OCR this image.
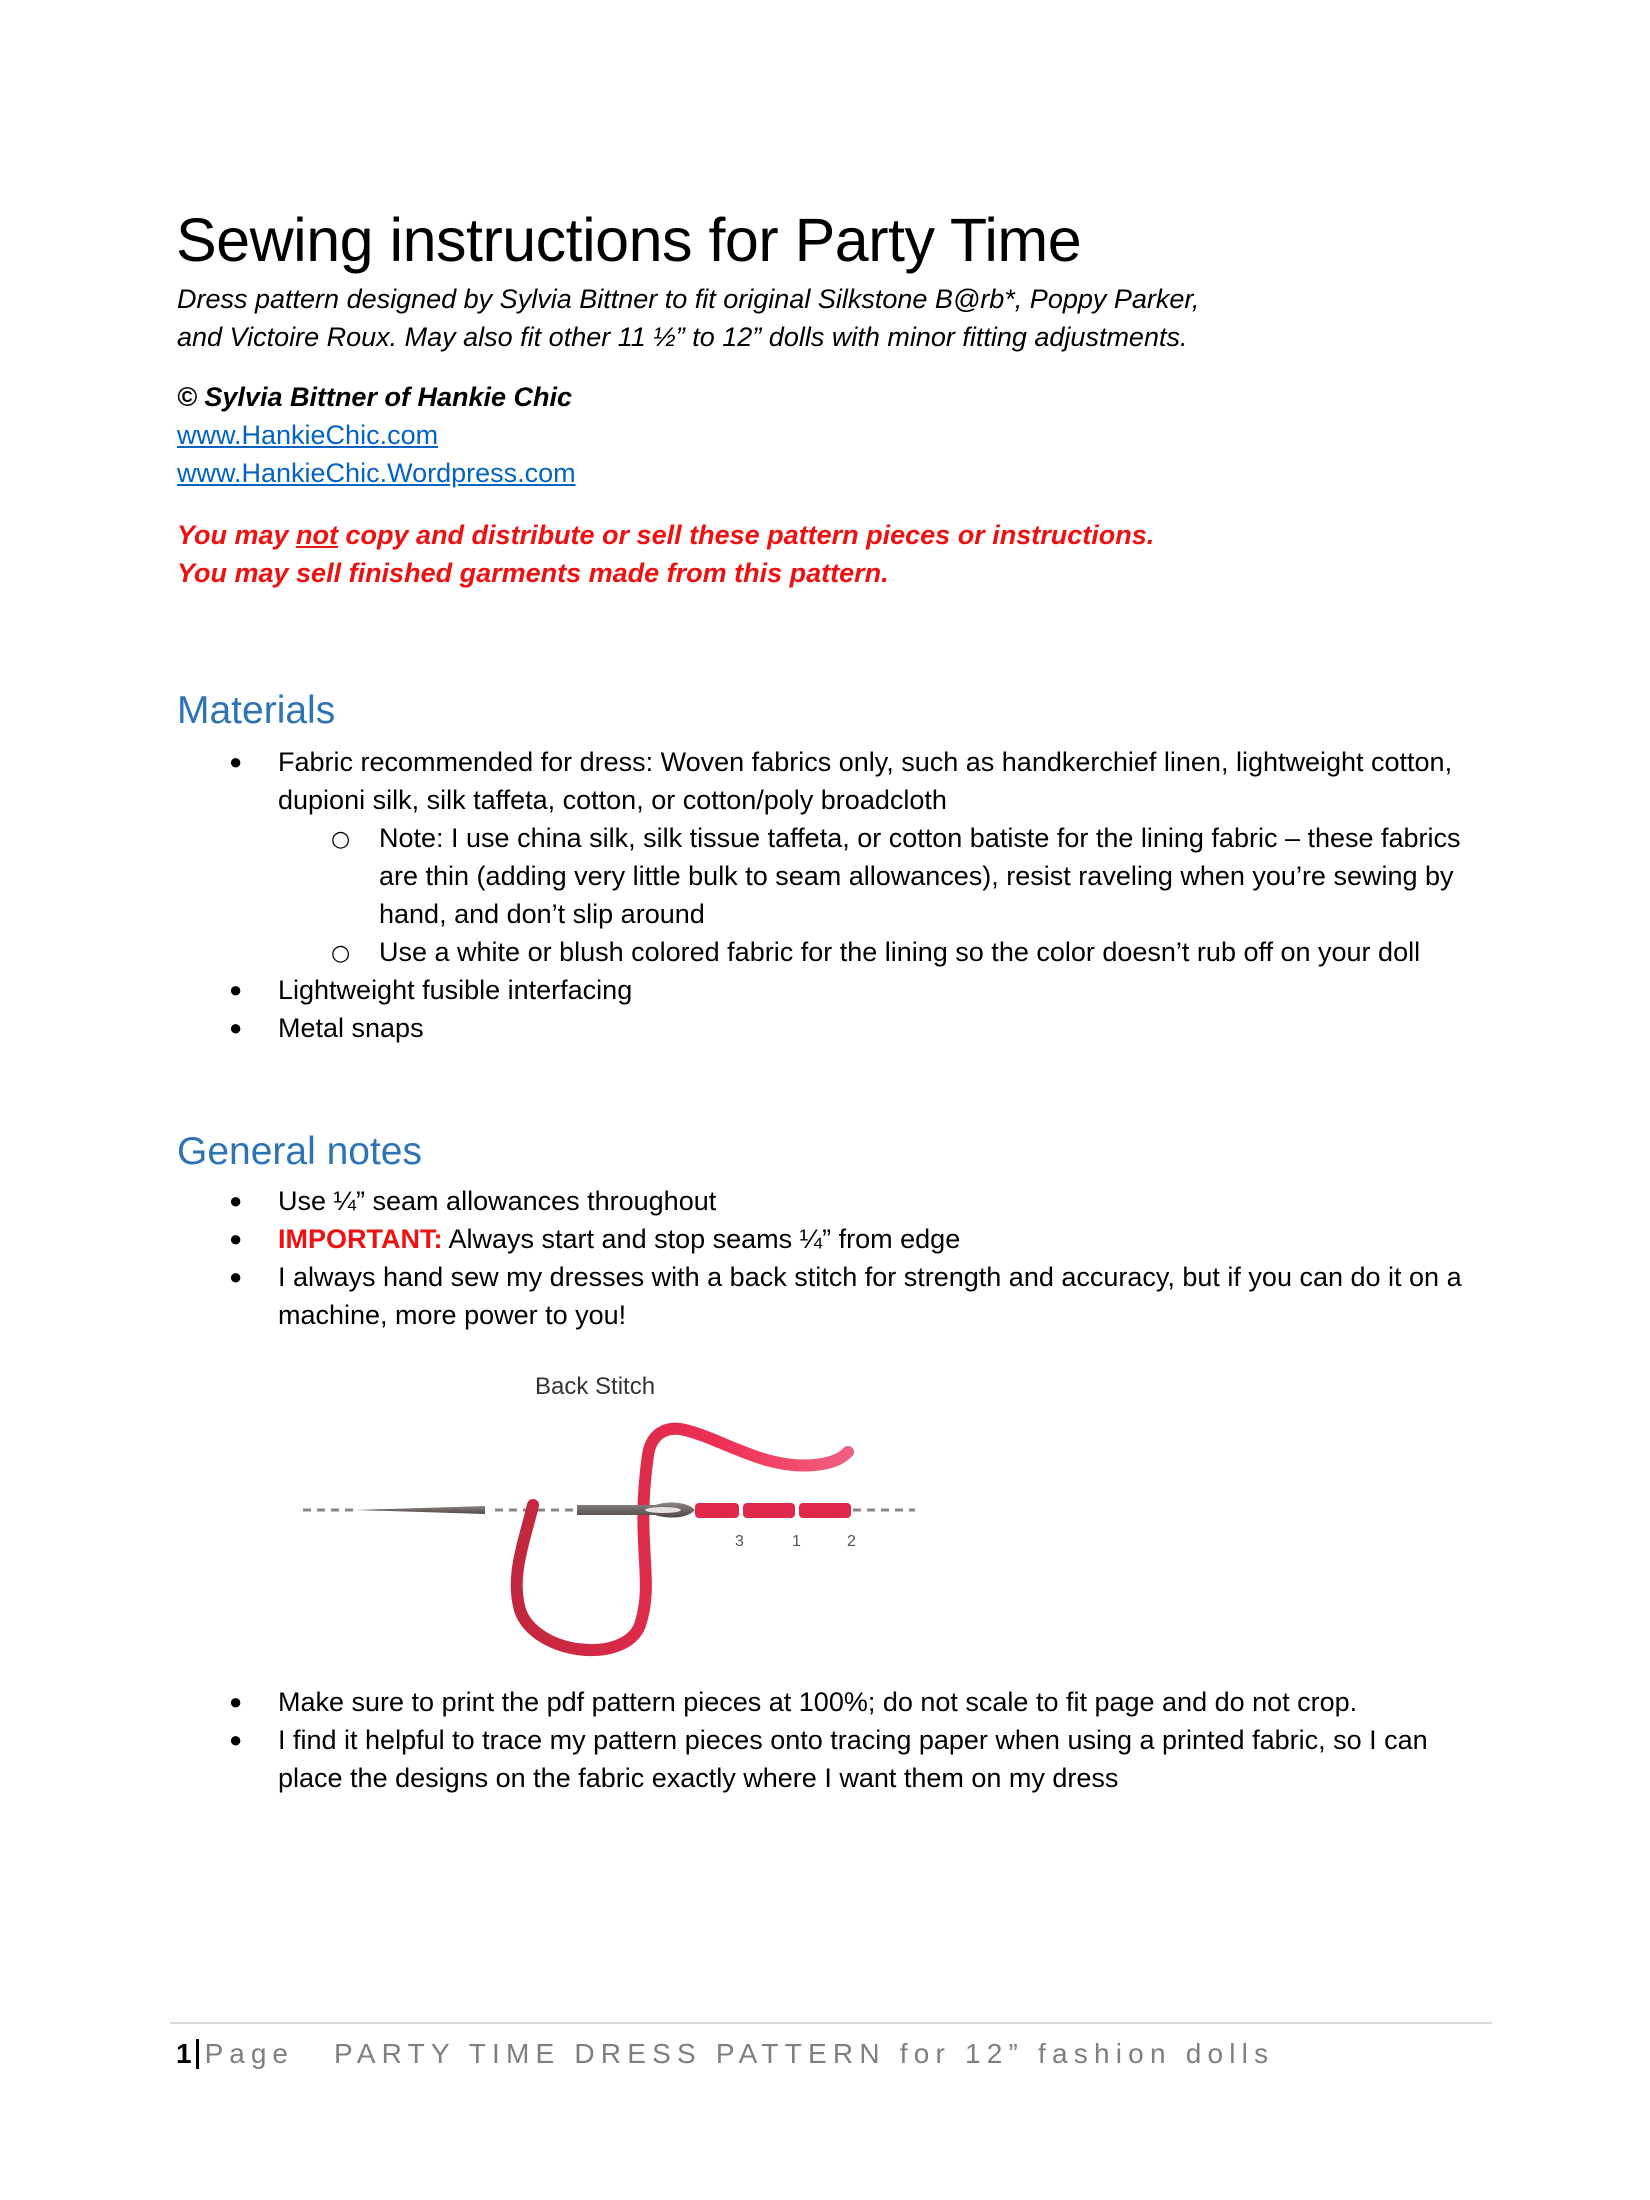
Sewing instructions for Party Time
Dress pattern designed by Sylvia Bittner to fit original Silkstone B@rb*, Poppy Parker,
and Victoire Roux. May also fit other 11 ½” to 12” dolls with minor fitting adjustments.
© Sylvia Bittner of Hankie Chic
www.HankieChic.com
www.HankieChic.Wordpress.com
You may not copy and distribute or sell these pattern pieces or instructions.
You may sell finished garments made from this pattern.
Materials
● Fabric recommended for dress: Woven fabrics only, such as handkerchief linen, lightweight cotton, dupioni silk, silk taffeta, cotton, or cotton/poly broadcloth
○ Note: I use china silk, silk tissue taffeta, or cotton batiste for the lining fabric – these fabrics are thin (adding very little bulk to seam allowances), resist raveling when you’re sewing by hand, and don’t slip around
○ Use a white or blush colored fabric for the lining so the color doesn’t rub off on your doll
● Lightweight fusible interfacing
● Metal snaps
General notes
● Use ¼” seam allowances throughout
● IMPORTANT: Always start and stop seams ¼” from edge
● I always hand sew my dresses with a back stitch for strength and accuracy, but if you can do it on a machine, more power to you!
Back Stitch
3	1	2
● Make sure to print the pdf pattern pieces at 100%; do not scale to fit page and do not crop.
● I find it helpful to trace my pattern pieces onto tracing paper when using a printed fabric, so I can place the designs on the fabric exactly where I want them on my dress
1 Page PARTY TIME DRESS PATTERN for 12” fashion dolls
